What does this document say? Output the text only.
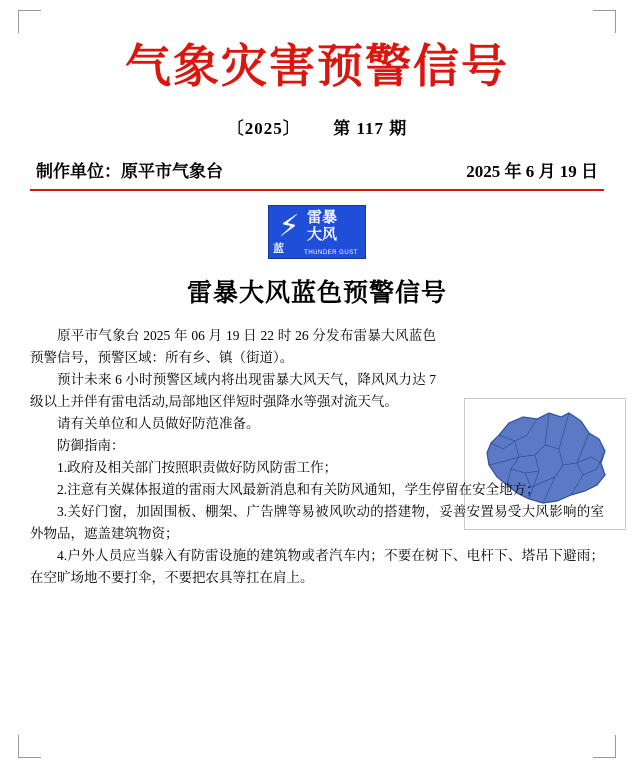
气象灾害预警信号
〔2025〕 第 117 期
制作单位：原平市气象台	2025 年 6 月 19 日
⚡ 雷暴
大风
THUNDER GUST
蓝
雷暴大风蓝色预警信号

原平市气象台 2025 年 06 月 19 日 22 时 26 分发布雷暴大风蓝色预警信号，预警区域：所有乡、镇（街道）。

预计未来 6 小时预警区域内将出现雷暴大风天气，降风风力达 7 级以上并伴有雷电活动,局部地区伴短时强降水等强对流天气。

请有关单位和人员做好防范准备。

防御指南：

1.政府及相关部门按照职责做好防风防雷工作；

2.注意有关媒体报道的雷雨大风最新消息和有关防风通知，学生停留在安全地方；

3.关好门窗，加固围板、棚架、广告牌等易被风吹动的搭建物，妥善安置易受大风影响的室外物品，遮盖建筑物资；

4.户外人员应当躲入有防雷设施的建筑物或者汽车内；不要在树下、电杆下、塔吊下避雨；在空旷场地不要打伞，不要把农具等扛在肩上。
